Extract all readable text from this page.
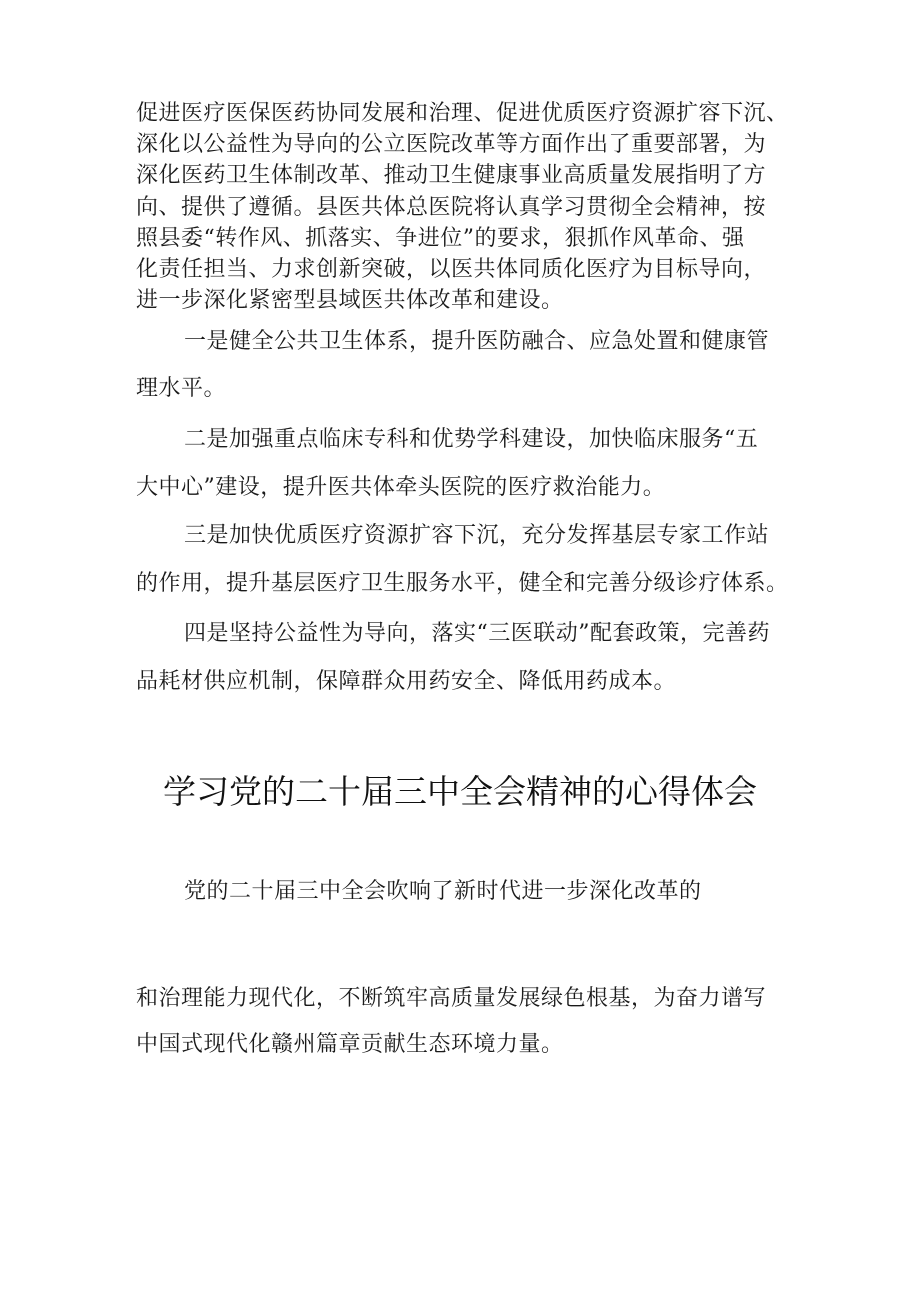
促进医疗医保医药协同发展和治理、促进优质医疗资源扩容下沉、
深化以公益性为导向的公立医院改革等方面作出了重要部署，为
深化医药卫生体制改革、推动卫生健康事业高质量发展指明了方
向、提供了遵循。县医共体总医院将认真学习贯彻全会精神，按
照县委“转作风、抓落实、争进位”的要求，狠抓作风革命、强
化责任担当、力求创新突破，以医共体同质化医疗为目标导向，
进一步深化紧密型县域医共体改革和建设。
一是健全公共卫生体系，提升医防融合、应急处置和健康管
理水平。
二是加强重点临床专科和优势学科建设，加快临床服务“五
大中心”建设，提升医共体牵头医院的医疗救治能力。
三是加快优质医疗资源扩容下沉，充分发挥基层专家工作站
的作用，提升基层医疗卫生服务水平，健全和完善分级诊疗体系。
四是坚持公益性为导向，落实“三医联动”配套政策，完善药
品耗材供应机制，保障群众用药安全、降低用药成本。
学习党的二十届三中全会精神的心得体会
党的二十届三中全会吹响了新时代进一步深化改革的
和治理能力现代化，不断筑牢高质量发展绿色根基，为奋力谱写
中国式现代化赣州篇章贡献生态环境力量。
